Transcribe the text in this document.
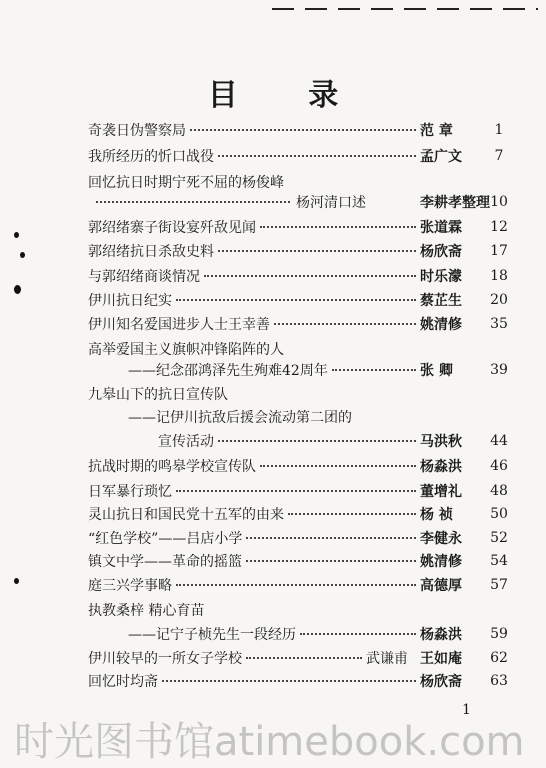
目 录
奇袭日伪警察局	范 章	1
我所经历的忻口战役	孟广文	7
回忆抗日时期宁死不屈的杨俊峰
杨河清口述	李耕孝整理 10
郭绍绪寨子街设宴歼敌见闻	张道霖 12
郭绍绪抗日杀敌史料	杨欣斋 17
与郭绍绪商谈情况	时乐濛 18
伊川抗日纪实	蔡芷生 20
伊川知名爱国进步人士王幸善	姚清修 35
高举爱国主义旗帜冲锋陷阵的人
——纪念邵鸿泽先生殉难42周年	张 卿	39
九皋山下的抗日宣传队
——记伊川抗敌后援会流动第二团的
宣传活动	马洪秋 44
抗战时期的鸣皋学校宣传队	杨淼洪 46
日军暴行琐忆	董增礼 48
灵山抗日和国民党十五军的由来	杨 祯	50
“红色学校”——吕店小学	李健永 52
镇文中学——革命的摇篮	姚清修 54
庭三兴学事略	高德厚 57
执教桑梓 精心育苗
——记宁子桢先生一段经历	杨淼洪 59
伊川较早的一所女子学校	武谦甫 王如庵 62
回忆时均斋	杨欣斋 63
1
时光图书馆atimebook.com
